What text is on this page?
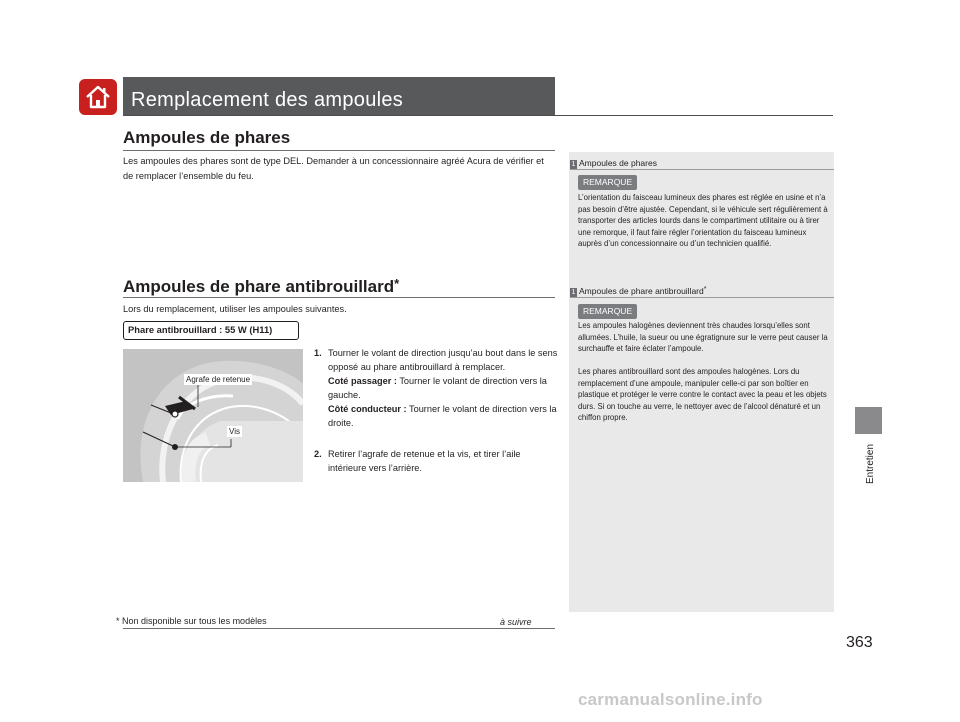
Remplacement des ampoules
Entretien
Ampoules de phares
Les ampoules des phares sont de type DEL. Demander à un concessionnaire agréé Acura de vérifier et de remplacer l’ensemble du feu.
Ampoules de phare antibrouillard*
Lors du remplacement, utiliser les ampoules suivantes.
Phare antibrouillard : 55 W (H11)
Agrafe de retenue
Vis
1. Tourner le volant de direction jusqu’au bout dans le sens opposé au phare antibrouillard à remplacer.
Coté passager : Tourner le volant de direction vers la gauche.
Côté conducteur : Tourner le volant de direction vers la droite.
2. Retirer l’agrafe de retenue et la vis, et tirer l’aile intérieure vers l’arrière.
1 Ampoules de phares
REMARQUE
L’orientation du faisceau lumineux des phares est réglée en usine et n’a pas besoin d’être ajustée. Cependant, si le véhicule sert régulièrement à transporter des articles lourds dans le compartiment utilitaire ou à tirer une remorque, il faut faire régler l’orientation du faisceau lumineux auprès d’un concessionnaire ou d’un technicien qualifié.
1 Ampoules de phare antibrouillard*
REMARQUE
Les ampoules halogènes deviennent très chaudes lorsqu’elles sont allumées. L’huile, la sueur ou une égratignure sur le verre peut causer la surchauffe et faire éclater l’ampoule.
Les phares antibrouillard sont des ampoules halogènes. Lors du remplacement d’une ampoule, manipuler celle-ci par son boîtier en plastique et protéger le verre contre le contact avec la peau et les objets durs. Si on touche au verre, le nettoyer avec de l’alcool dénaturé et un chiffon propre.
* Non disponible sur tous les modèles	à suivre
363
carmanualsonline.info
